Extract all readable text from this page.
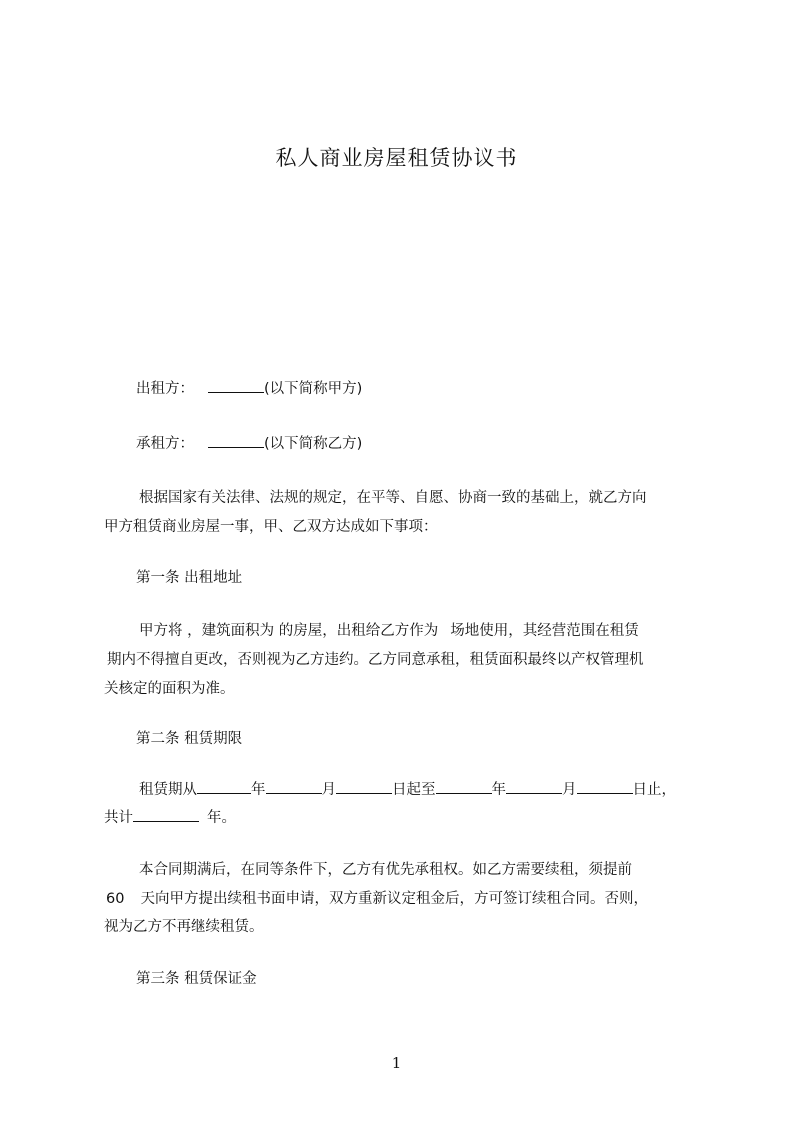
私人商业房屋租赁协议书
出租方：	(以下简称甲方)
承租方：	(以下简称乙方)
根据国家有关法律、法规的规定，在平等、自愿、协商一致的基础上，就乙方向
甲方租赁商业房屋一事，甲、乙双方达成如下事项：
第一条 出租地址
甲方将 ，建筑面积为 的房屋，出租给乙方作为 场地使用，其经营范围在租赁
期内不得擅自更改，否则视为乙方违约。乙方同意承租，租赁面积最终以产权管理机
关核定的面积为准。
第二条 租赁期限
租赁期从	年	月	日起至	年	月	日止，
共计	年。
本合同期满后，在同等条件下，乙方有优先承租权。如乙方需要续租，须提前
60 天向甲方提出续租书面申请，双方重新议定租金后，方可签订续租合同。否则，
视为乙方不再继续租赁。
第三条 租赁保证金
1
